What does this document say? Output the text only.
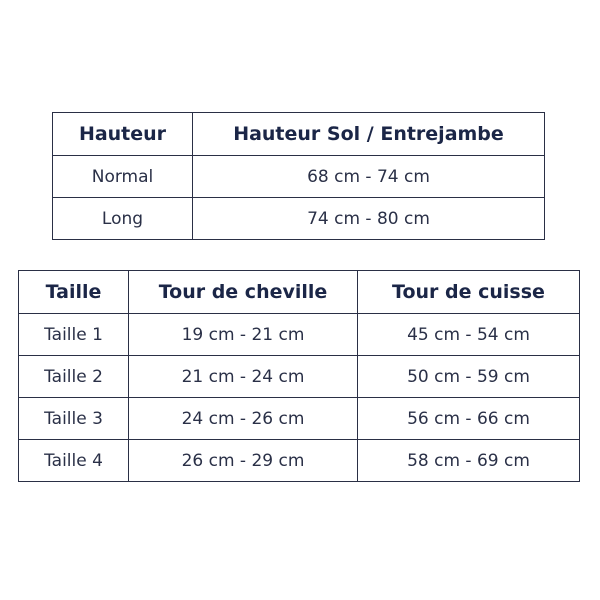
Hauteur	Hauteur Sol / Entrejambe
Normal	68 cm - 74 cm
Long	74 cm - 80 cm
Taille	Tour de cheville	Tour de cuisse
Taille 1	19 cm - 21 cm	45 cm - 54 cm
Taille 2	21 cm - 24 cm	50 cm - 59 cm
Taille 3	24 cm - 26 cm	56 cm - 66 cm
Taille 4	26 cm - 29 cm	58 cm - 69 cm
